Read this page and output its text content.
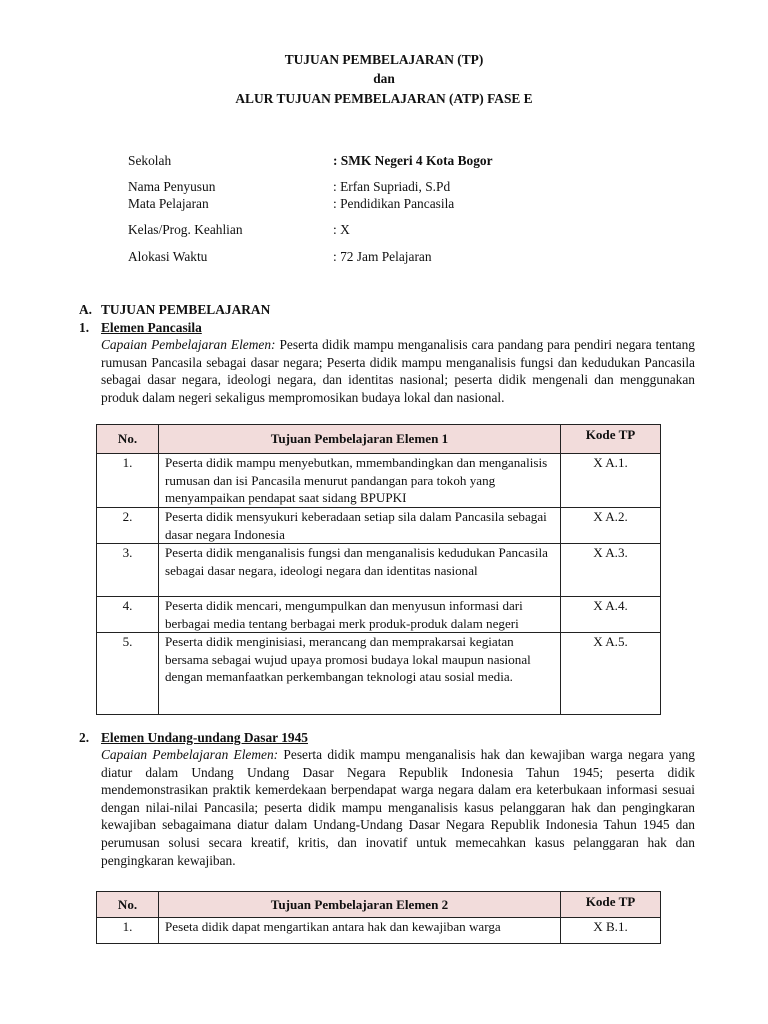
TUJUAN PEMBELAJARAN (TP)
dan
ALUR TUJUAN PEMBELAJARAN (ATP) FASE E
Sekolah	: SMK Negeri 4 Kota Bogor
Nama Penyusun	: Erfan Supriadi, S.Pd
Mata Pelajaran	: Pendidikan Pancasila
Kelas/Prog. Keahlian	: X
Alokasi Waktu	: 72 Jam Pelajaran
A. TUJUAN PEMBELAJARAN
1. Elemen Pancasila
Capaian Pembelajaran Elemen: Peserta didik mampu menganalisis cara pandang para pendiri negara tentang rumusan Pancasila sebagai dasar negara; Peserta didik mampu menganalisis fungsi dan kedudukan Pancasila sebagai dasar negara, ideologi negara, dan identitas nasional; peserta didik mengenali dan menggunakan produk dalam negeri sekaligus mempromosikan budaya lokal dan nasional.
No.	Tujuan Pembelajaran Elemen 1	Kode TP
1.	Peserta didik mampu menyebutkan, mmembandingkan dan menganalisis rumusan dan isi Pancasila menurut pandangan para tokoh yang menyampaikan pendapat saat sidang BPUPKI	X A.1.
2.	Peserta didik mensyukuri keberadaan setiap sila dalam Pancasila sebagai dasar negara Indonesia	X A.2.
3.	Peserta didik menganalisis fungsi dan menganalisis kedudukan Pancasila sebagai dasar negara, ideologi negara dan identitas nasional	X A.3.
4.	Peserta didik mencari, mengumpulkan dan menyusun informasi dari berbagai media tentang berbagai merk produk-produk dalam negeri	X A.4.
5.	Peserta didik menginisiasi, merancang dan memprakarsai kegiatan bersama sebagai wujud upaya promosi budaya lokal maupun nasional dengan memanfaatkan perkembangan teknologi atau sosial media.	X A.5.
2. Elemen Undang-undang Dasar 1945
Capaian Pembelajaran Elemen: Peserta didik mampu menganalisis hak dan kewajiban warga negara yang diatur dalam Undang Undang Dasar Negara Republik Indonesia Tahun 1945; peserta didik mendemonstrasikan praktik kemerdekaan berpendapat warga negara dalam era keterbukaan informasi sesuai dengan nilai-nilai Pancasila; peserta didik mampu menganalisis kasus pelanggaran hak dan pengingkaran kewajiban sebagaimana diatur dalam Undang-Undang Dasar Negara Republik Indonesia Tahun 1945 dan perumusan solusi secara kreatif, kritis, dan inovatif untuk memecahkan kasus pelanggaran hak dan pengingkaran kewajiban.
No.	Tujuan Pembelajaran Elemen 2	Kode TP
1.	Peseta didik dapat mengartikan antara hak dan kewajiban warga	X B.1.
